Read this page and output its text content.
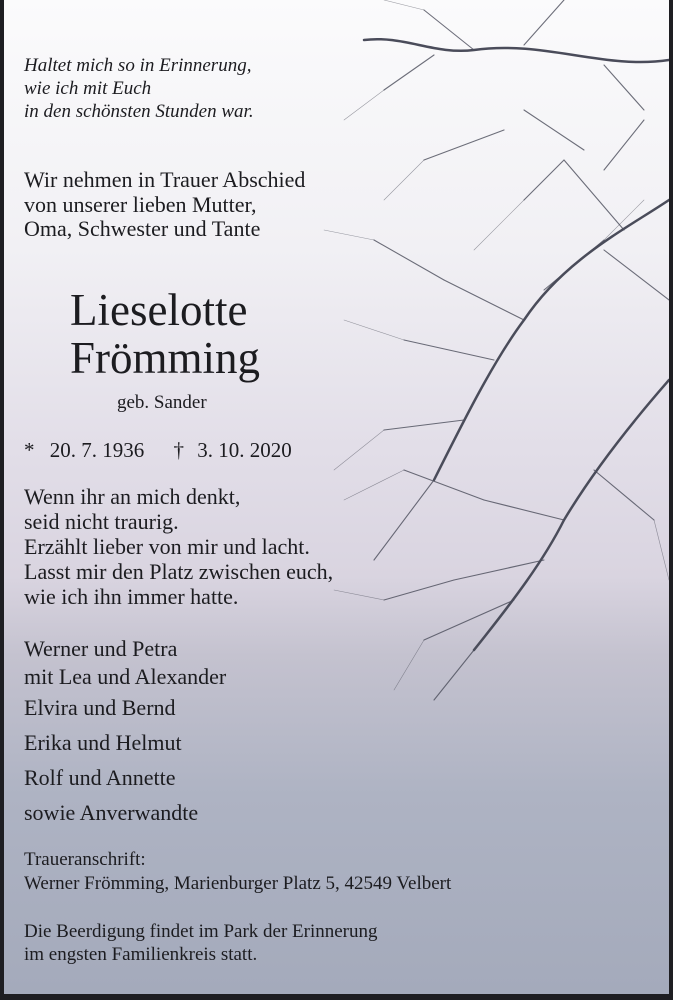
Haltet mich so in Erinnerung,
wie ich mit Euch
in den schönsten Stunden war.
Wir nehmen in Trauer Abschied
von unserer lieben Mutter,
Oma, Schwester und Tante
Lieselotte
Frömming
geb. Sander
* 20. 7. 1936 † 3. 10. 2020
Wenn ihr an mich denkt,
seid nicht traurig.
Erzählt lieber von mir und lacht.
Lasst mir den Platz zwischen euch,
wie ich ihn immer hatte.
Werner und Petra
mit Lea und Alexander
Elvira und Bernd
Erika und Helmut
Rolf und Annette
sowie Anverwandte
Traueranschrift:
Werner Frömming, Marienburger Platz 5, 42549 Velbert
Die Beerdigung findet im Park der Erinnerung
im engsten Familienkreis statt.
